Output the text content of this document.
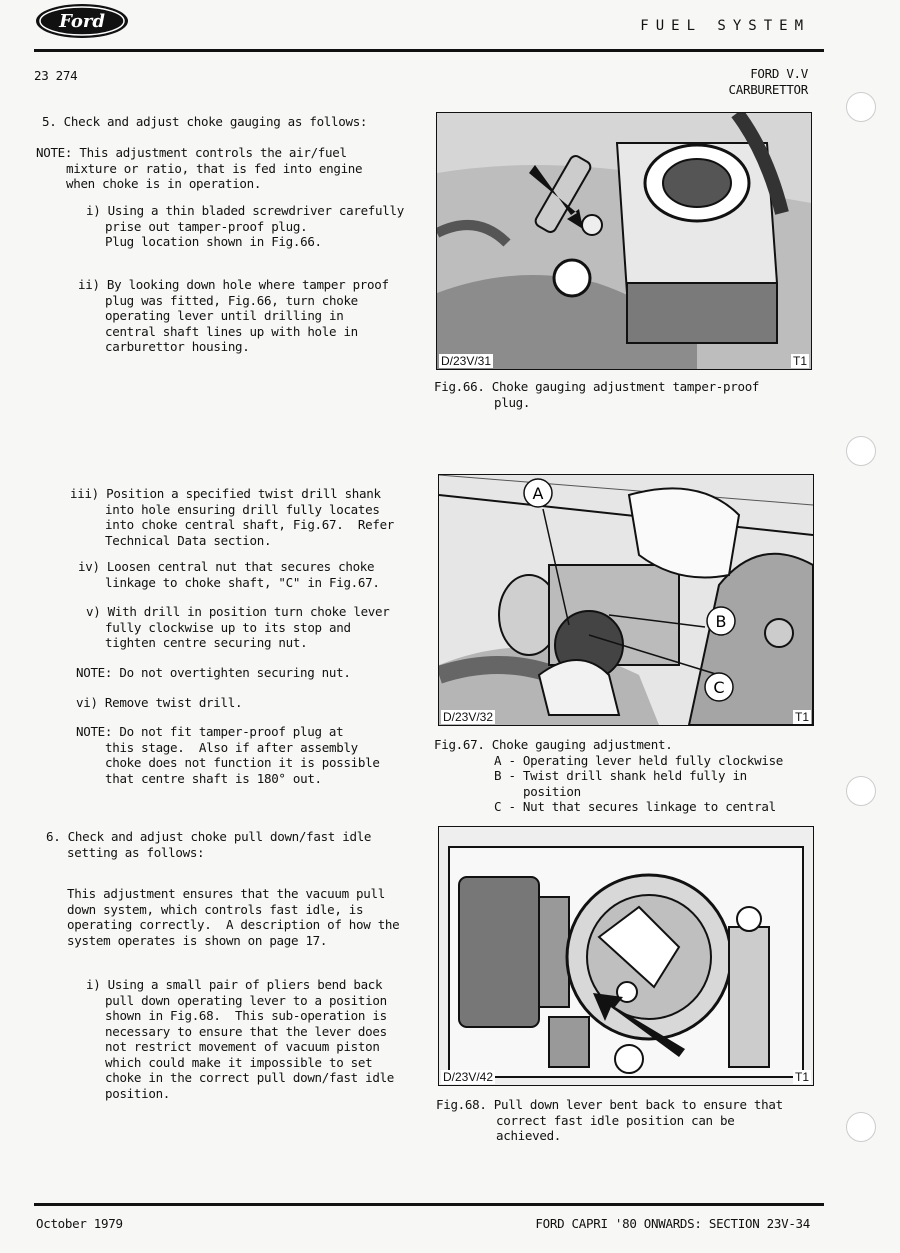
Ford	FUEL SYSTEM
23 274	FORD V.V
CARBURETTOR
5. Check and adjust choke gauging as follows:
NOTE: This adjustment controls the air/fuel
mixture or ratio, that is fed into engine
when choke is in operation.
i) Using a thin bladed screwdriver carefully
prise out tamper-proof plug.
Plug location shown in Fig.66.
ii) By looking down hole where tamper proof
plug was fitted, Fig.66, turn choke
operating lever until drilling in
central shaft lines up with hole in
carburettor housing.
iii) Position a specified twist drill shank
into hole ensuring drill fully locates
into choke central shaft, Fig.67.  Refer
Technical Data section.
iv) Loosen central nut that secures choke
linkage to choke shaft, "C" in Fig.67.
v) With drill in position turn choke lever
fully clockwise up to its stop and
tighten centre securing nut.
NOTE: Do not overtighten securing nut.
vi) Remove twist drill.
NOTE: Do not fit tamper-proof plug at
this stage.  Also if after assembly
choke does not function it is possible
that centre shaft is 180° out.
6. Check and adjust choke pull down/fast idle
setting as follows:
This adjustment ensures that the vacuum pull
down system, which controls fast idle, is
operating correctly.  A description of how the
system operates is shown on page 17.
i) Using a small pair of pliers bend back
pull down operating lever to a position
shown in Fig.68.  This sub-operation is
necessary to ensure that the lever does
not restrict movement of vacuum piston
which could make it impossible to set
choke in the correct pull down/fast idle
position.
D/23V/31	T1
Fig.66. Choke gauging adjustment tamper-proof
plug.
A
B
C
D/23V/32	T1
Fig.67. Choke gauging adjustment.
A - Operating lever held fully clockwise
B - Twist drill shank held fully in
position
C - Nut that secures linkage to central
D/23V/42	T1
Fig.68. Pull down lever bent back to ensure that
correct fast idle position can be
achieved.
October 1979	FORD CAPRI '80 ONWARDS: SECTION 23V-34
